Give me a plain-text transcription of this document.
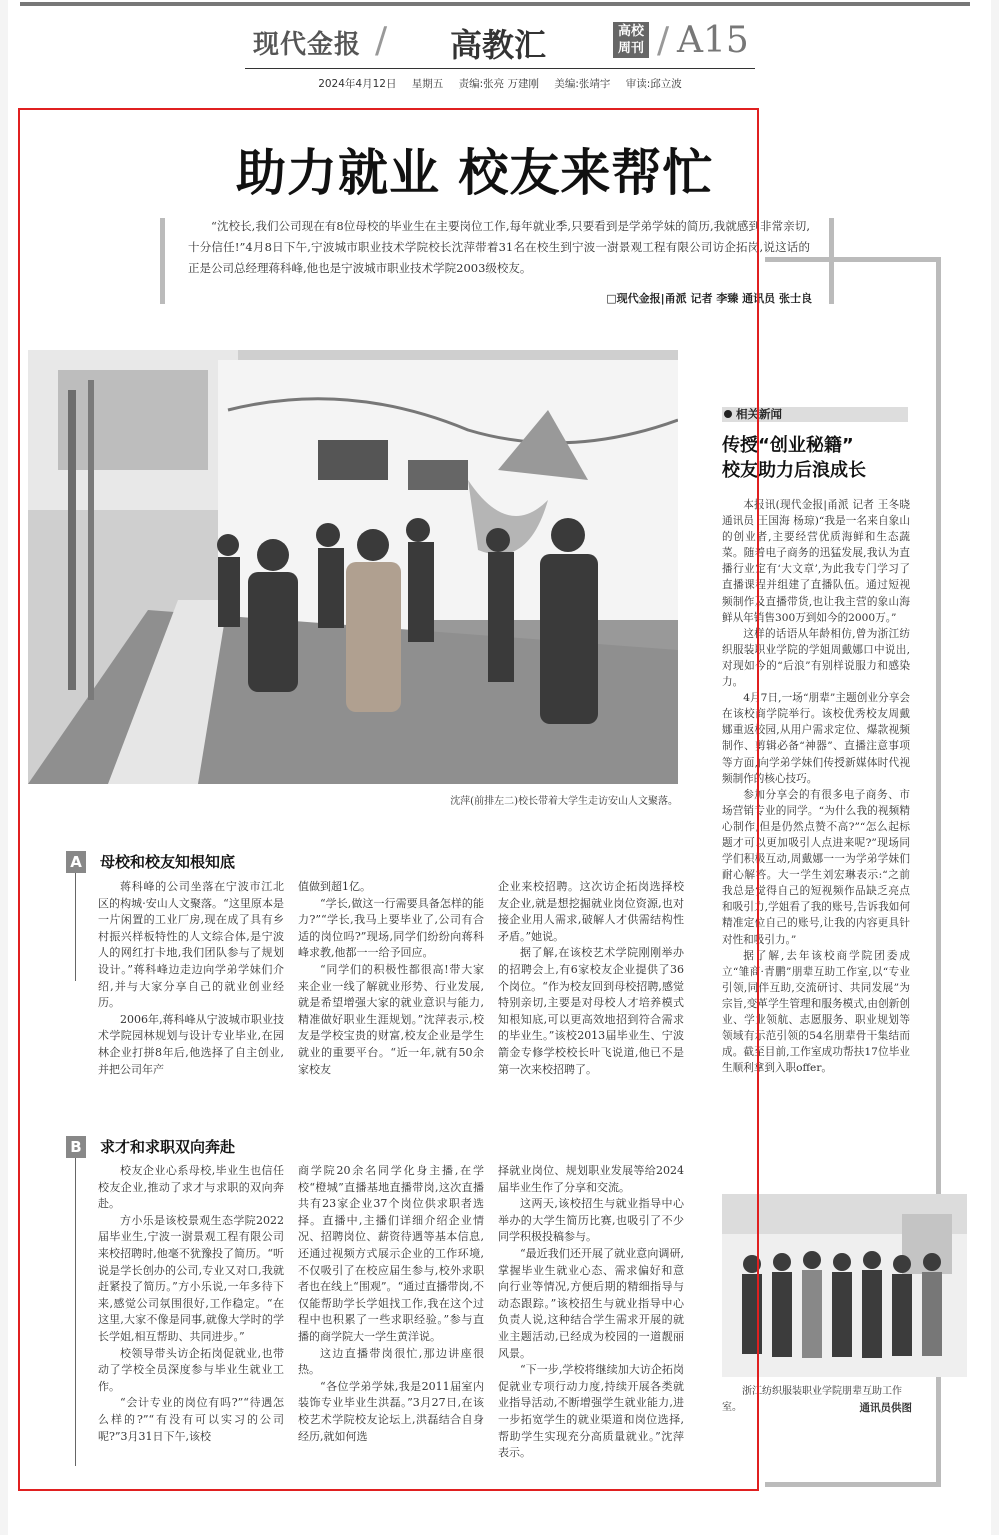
现代金报 / 高教汇	高校周刊 / A15
2024年4月12日 星期五 责编:张亮 万建刚 美编:张靖宇 审读:邱立波
助力就业 校友来帮忙

“沈校长,我们公司现在有8位母校的毕业生在主要岗位工作,每年就业季,只要看到是学弟学妹的简历,我就感到非常亲切,十分信任!”4月8日下午,宁波城市职业技术学院校长沈萍带着31名在校生到宁波一澍景观工程有限公司访企拓岗,说这话的正是公司总经理蒋科峰,他也是宁波城市职业技术学院2003级校友。

□现代金报|甬派 记者 李臻 通讯员 张士良
沈萍(前排左二)校长带着大学生走访安山人文聚落。
A 母校和校友知根知底

蒋科峰的公司坐落在宁波市江北区的构城·安山人文聚落。“这里原本是一片闲置的工业厂房,现在成了具有乡村振兴样板特性的人文综合体,是宁波人的网红打卡地,我们团队参与了规划设计。”蒋科峰边走边向学弟学妹们介绍,并与大家分享自己的就业创业经历。

2006年,蒋科峰从宁波城市职业技术学院园林规划与设计专业毕业,在园林企业打拼8年后,他选择了自主创业,并把公司年产

值做到超1亿。

“学长,做这一行需要具备怎样的能力?”“学长,我马上要毕业了,公司有合适的岗位吗?”现场,同学们纷纷向蒋科峰求教,他都一一给予回应。

“同学们的积极性都很高!带大家来企业一线了解就业形势、行业发展,就是希望增强大家的就业意识与能力,精准做好职业生涯规划。”沈萍表示,校友是学校宝贵的财富,校友企业是学生就业的重要平台。“近一年,就有50余家校友

企业来校招聘。这次访企拓岗选择校友企业,就是想挖掘就业岗位资源,也对接企业用人需求,破解人才供需结构性矛盾。”她说。

据了解,在该校艺术学院刚刚举办的招聘会上,有6家校友企业提供了36个岗位。“作为校友回到母校招聘,感觉特别亲切,主要是对母校人才培养模式知根知底,可以更高效地招到符合需求的毕业生。”该校2013届毕业生、宁波箭金专修学校校长叶飞说道,他已不是第一次来校招聘了。

B 求才和求职双向奔赴

校友企业心系母校,毕业生也信任校友企业,推动了求才与求职的双向奔赴。

方小乐是该校景观生态学院2022届毕业生,宁波一澍景观工程有限公司来校招聘时,他毫不犹豫投了简历。“听说是学长创办的公司,专业又对口,我就赶紧投了简历。”方小乐说,一年多待下来,感觉公司氛围很好,工作稳定。“在这里,大家不像是同事,就像大学时的学长学姐,相互帮助、共同进步。”

校领导带头访企拓岗促就业,也带动了学校全员深度参与毕业生就业工作。

“会计专业的岗位有吗?”“待遇怎么样的?”“有没有可以实习的公司呢?”3月31日下午,该校

商学院20余名同学化身主播,在学校“橙城”直播基地直播带岗,这次直播共有23家企业37个岗位供求职者选择。直播中,主播们详细介绍企业情况、招聘岗位、薪资待遇等基本信息,还通过视频方式展示企业的工作环境,不仅吸引了在校应届生参与,校外求职者也在线上“围观”。“通过直播带岗,不仅能帮助学长学姐找工作,我在这个过程中也积累了一些求职经验。”参与直播的商学院大一学生黄洋说。

这边直播带岗很忙,那边讲座很热。

“各位学弟学妹,我是2011届室内装饰专业毕业生洪磊。”3月27日,在该校艺术学院校友论坛上,洪磊结合自身经历,就如何选

择就业岗位、规划职业发展等给2024届毕业生作了分享和交流。

这两天,该校招生与就业指导中心举办的大学生简历比赛,也吸引了不少同学积极投稿参与。

“最近我们还开展了就业意向调研,掌握毕业生就业心态、需求偏好和意向行业等情况,方便后期的精细指导与动态跟踪。”该校招生与就业指导中心负责人说,这种结合学生需求开展的就业主题活动,已经成为校园的一道靓丽风景。

“下一步,学校将继续加大访企拓岗促就业专项行动力度,持续开展各类就业指导活动,不断增强学生就业能力,进一步拓宽学生的就业渠道和岗位选择,帮助学生实现充分高质量就业。”沈萍表示。

相关新闻
传授“创业秘籍”
校友助力后浪成长

本报讯(现代金报|甬派 记者 王冬晓 通讯员 王国海 杨琼)“我是一名来自象山的创业者,主要经营优质海鲜和生态蔬菜。随着电子商务的迅猛发展,我认为直播行业定有‘大文章’,为此我专门学习了直播课程并组建了直播队伍。通过短视频制作及直播带货,也让我主营的象山海鲜从年销售300万到如今的2000万。”

这样的话语从年龄相仿,曾为浙江纺织服装职业学院的学姐周戴娜口中说出,对现如今的“后浪”有别样说服力和感染力。

4月7日,一场“朋辈”主题创业分享会在该校商学院举行。该校优秀校友周戴娜重返校园,从用户需求定位、爆款视频制作、剪辑必备“神器”、直播注意事项等方面,向学弟学妹们传授新媒体时代视频制作的核心技巧。

参加分享会的有很多电子商务、市场营销专业的同学。“为什么我的视频精心制作,但是仍然点赞不高?”“怎么起标题才可以更加吸引人点进来呢?”现场同学们积极互动,周戴娜一一为学弟学妹们耐心解答。大一学生刘宏琳表示:“之前我总是觉得自己的短视频作品缺乏亮点和吸引力,学姐看了我的账号,告诉我如何精准定位自己的账号,让我的内容更具针对性和吸引力。”

据了解,去年该校商学院团委成立“雏商·青鹏”朋辈互助工作室,以“专业引领,同伴互助,交流研讨、共同发展”为宗旨,变革学生管理和服务模式,由创新创业、学业领航、志愿服务、职业规划等领域有示范引领的54名朋辈骨干集结而成。截至目前,工作室成功帮扶17位毕业生顺利拿到入职offer。

浙江纺织服装职业学院朋辈互助工作室。	通讯员供图
